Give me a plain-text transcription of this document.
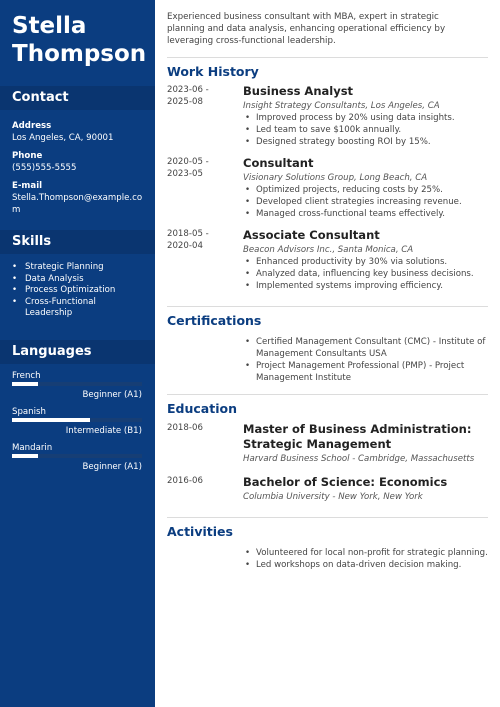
Stella
Thompson
Contact
Address
Los Angeles, CA, 90001
Phone
(555)555-5555
E-mail
Stella.Thompson@example.com
Skills
• Strategic Planning
• Data Analysis
• Process Optimization
• Cross-Functional Leadership
Languages
French
Beginner (A1)
Spanish
Intermediate (B1)
Mandarin
Beginner (A1)
Experienced business consultant with MBA, expert in strategic planning and data analysis, enhancing operational efficiency by leveraging cross-functional leadership.
Work History
2023-06 -
2025-08
Business Analyst
Insight Strategy Consultants, Los Angeles, CA
• Improved process by 20% using data insights.
• Led team to save $100k annually.
• Designed strategy boosting ROI by 15%.
2020-05 -
2023-05
Consultant
Visionary Solutions Group, Long Beach, CA
• Optimized projects, reducing costs by 25%.
• Developed client strategies increasing revenue.
• Managed cross-functional teams effectively.
2018-05 -
2020-04
Associate Consultant
Beacon Advisors Inc., Santa Monica, CA
• Enhanced productivity by 30% via solutions.
• Analyzed data, influencing key business decisions.
• Implemented systems improving efficiency.
Certifications
• Certified Management Consultant (CMC) - Institute of Management Consultants USA
• Project Management Professional (PMP) - Project Management Institute
Education
2018-06	Master of Business Administration: Strategic Management
Harvard Business School - Cambridge, Massachusetts
2016-06	Bachelor of Science: Economics
Columbia University - New York, New York
Activities
• Volunteered for local non-profit for strategic planning.
• Led workshops on data-driven decision making.
